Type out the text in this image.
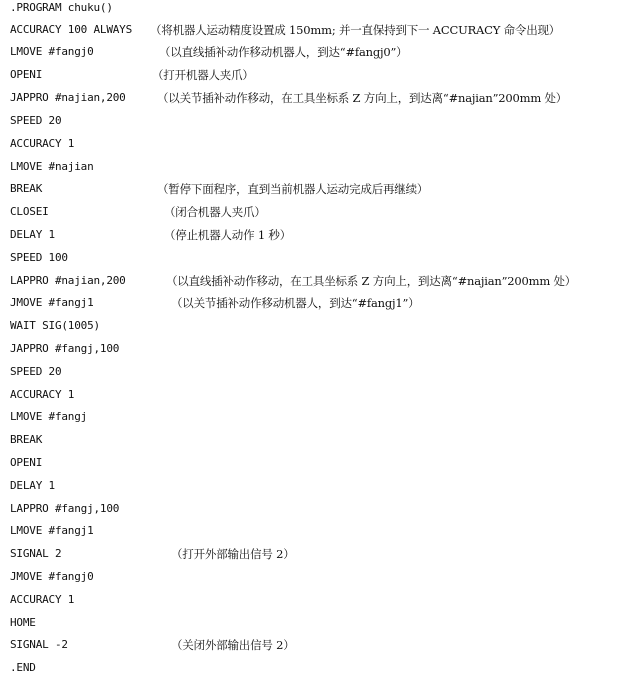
.PROGRAM chuku()
ACCURACY 100 ALWAYS （将机器人运动精度设置成 150mm; 并一直保持到下一 ACCURACY 命令出现）
LMOVE #fangj0	（以直线插补动作移动机器人，到达“#fangj0”）
OPENI	（打开机器人夹爪）
JAPPRO #najian,200	（以关节插补动作移动，在工具坐标系 Z 方向上，到达离“#najian”200mm 处）
SPEED 20
ACCURACY 1
LMOVE #najian
BREAK	（暂停下面程序，直到当前机器人运动完成后再继续）
CLOSEI	（闭合机器人夹爪）
DELAY 1	（停止机器人动作 1 秒）
SPEED 100
LAPPRO #najian,200	（以直线插补动作移动，在工具坐标系 Z 方向上，到达离“#najian”200mm 处）
JMOVE #fangj1	（以关节插补动作移动机器人，到达“#fangj1”）
WAIT SIG(1005)
JAPPRO #fangj,100
SPEED 20
ACCURACY 1
LMOVE #fangj
BREAK
OPENI
DELAY 1
LAPPRO #fangj,100
LMOVE #fangj1
SIGNAL 2	（打开外部输出信号 2）
JMOVE #fangj0
ACCURACY 1
HOME
SIGNAL -2	（关闭外部输出信号 2）
.END
